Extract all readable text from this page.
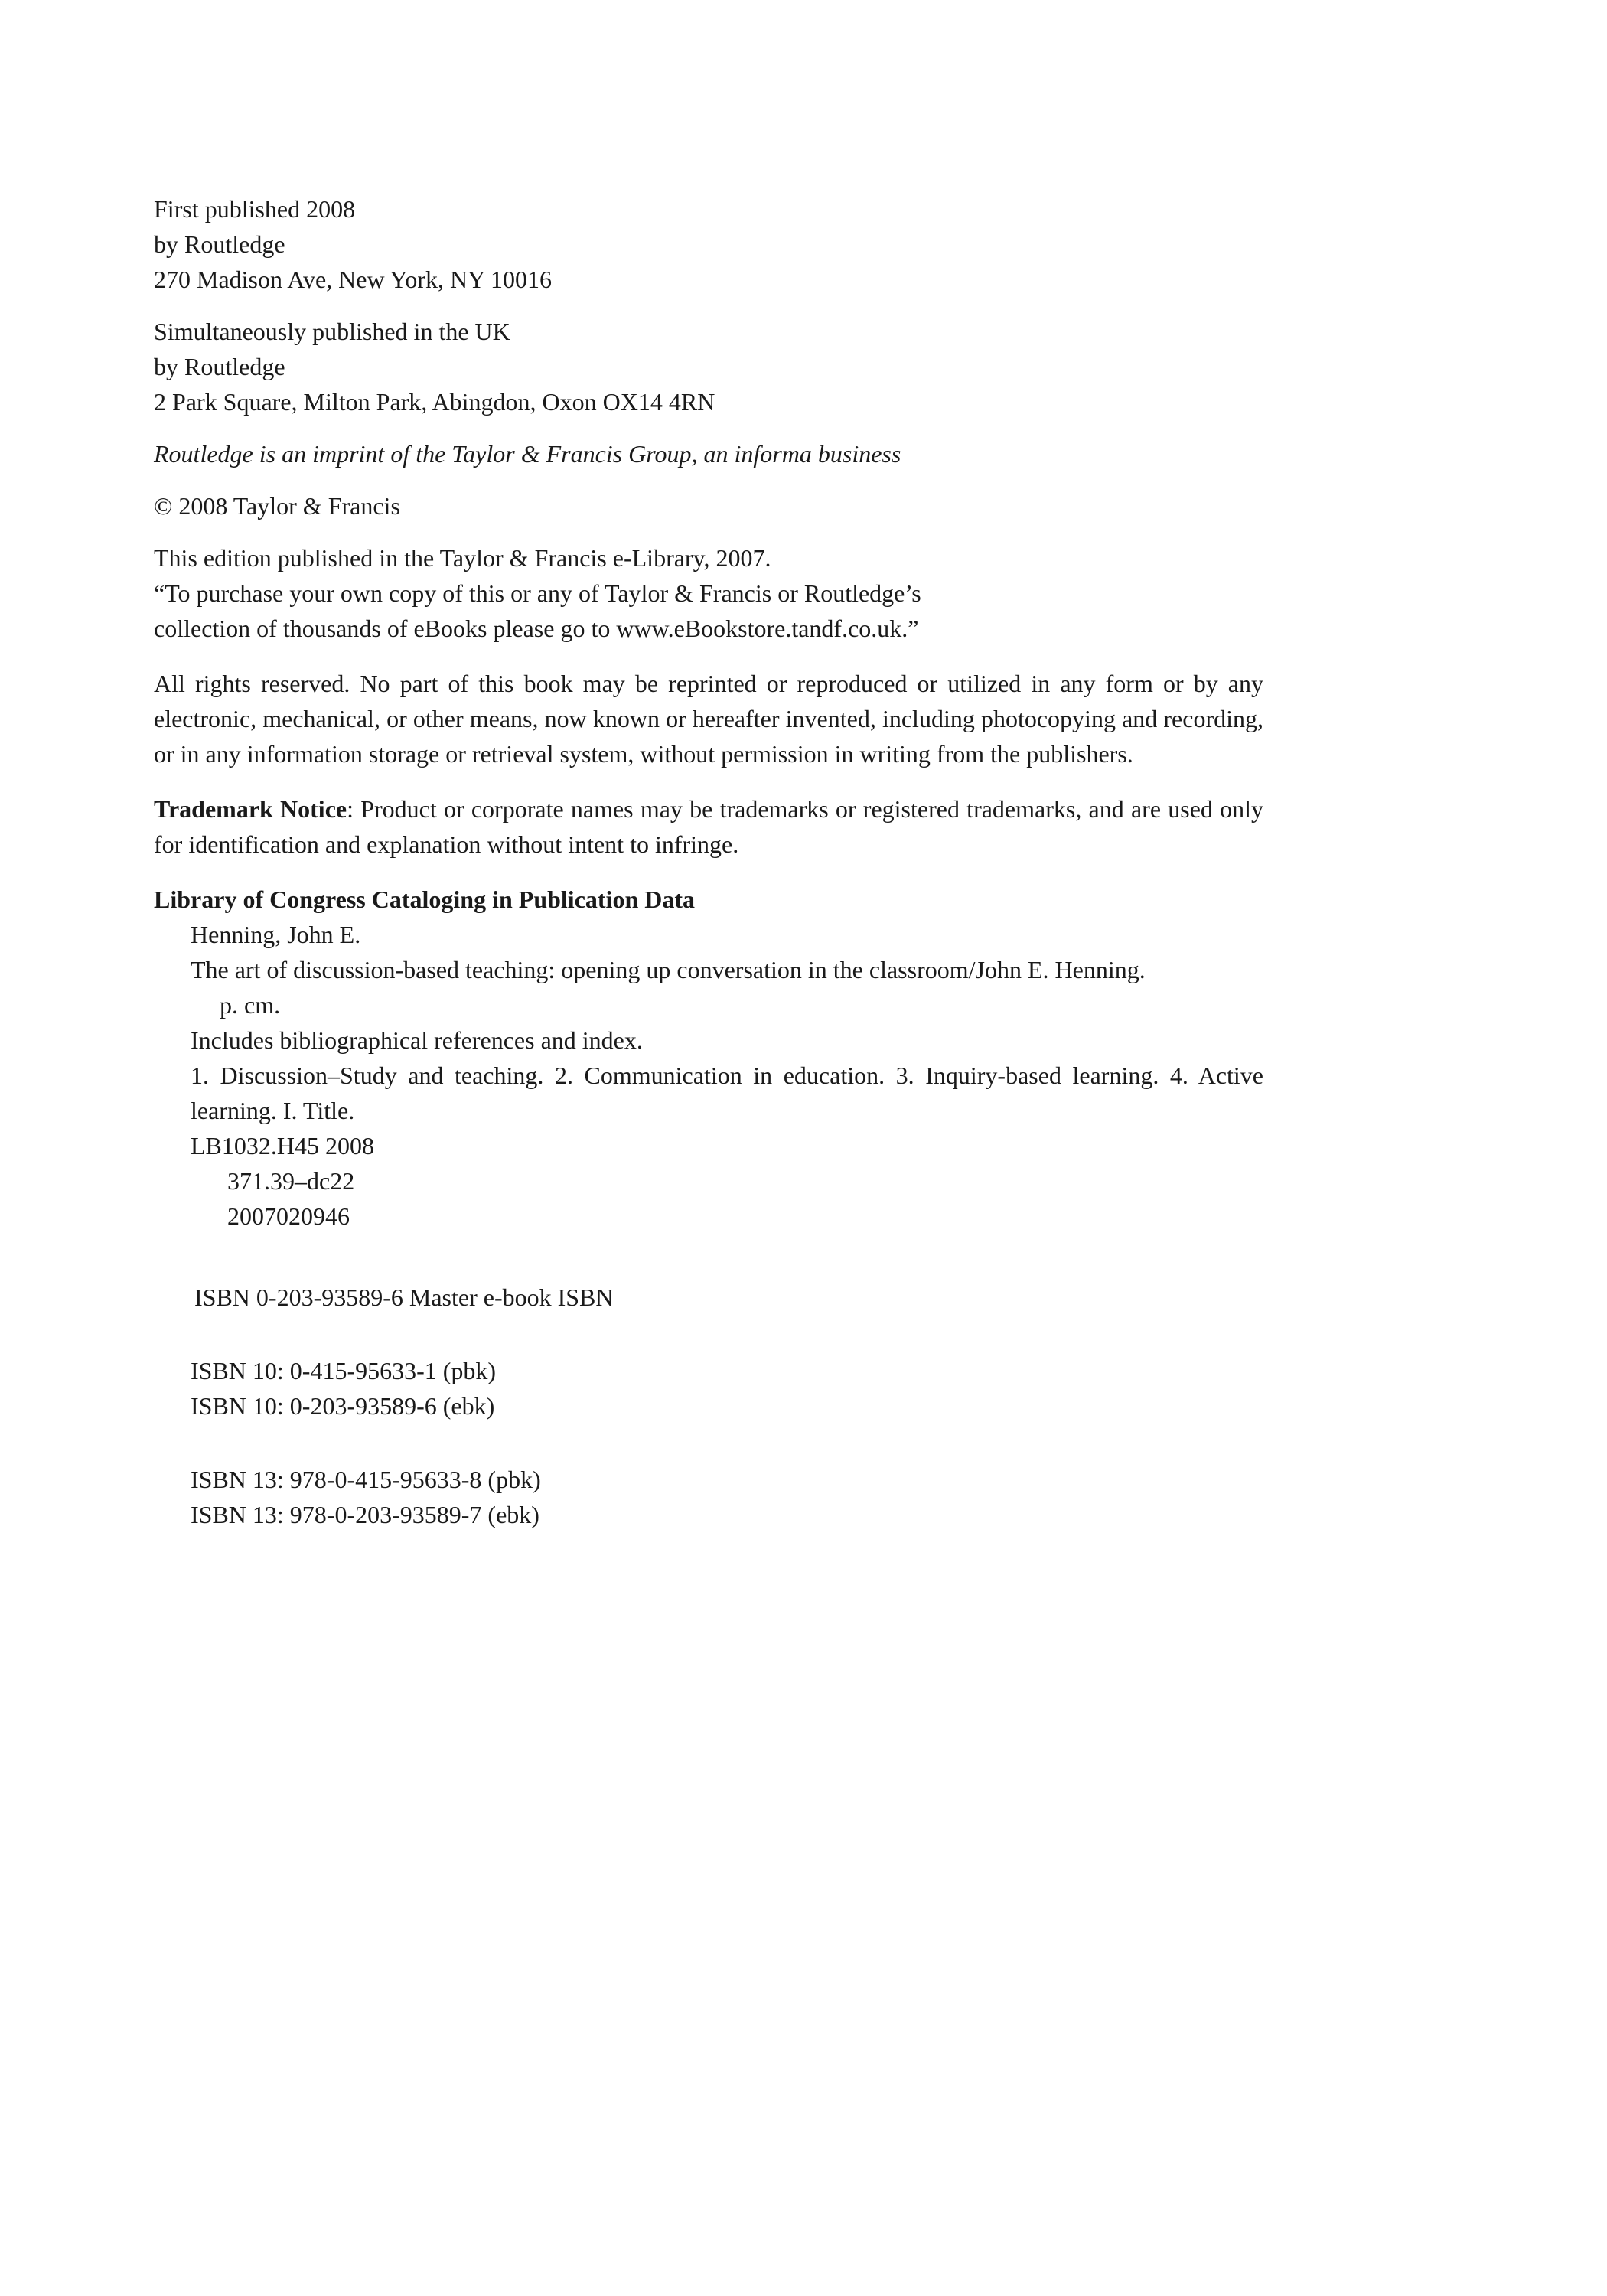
First published 2008
by Routledge
270 Madison Ave, New York, NY 10016
Simultaneously published in the UK
by Routledge
2 Park Square, Milton Park, Abingdon, Oxon OX14 4RN
Routledge is an imprint of the Taylor & Francis Group, an informa business
© 2008 Taylor & Francis
This edition published in the Taylor & Francis e-Library, 2007.
“To purchase your own copy of this or any of Taylor & Francis or Routledge’s
collection of thousands of eBooks please go to www.eBookstore.tandf.co.uk.”
All rights reserved. No part of this book may be reprinted or reproduced or utilized in any form or by any electronic, mechanical, or other means, now known or hereafter invented, including photocopying and recording, or in any information storage or retrieval system, without permission in writing from the publishers.
Trademark Notice: Product or corporate names may be trademarks or registered trademarks, and are used only for identification and explanation without intent to infringe.
Library of Congress Cataloging in Publication Data
Henning, John E.
The art of discussion-based teaching: opening up conversation in the classroom/John E. Henning.
p. cm.
Includes bibliographical references and index.
1. Discussion–Study and teaching. 2. Communication in education. 3. Inquiry-based learning. 4. Active learning. I. Title.
LB1032.H45 2008
371.39–dc22
2007020946
ISBN 0-203-93589-6 Master e-book ISBN
ISBN 10: 0-415-95633-1 (pbk)
ISBN 10: 0-203-93589-6 (ebk)
ISBN 13: 978-0-415-95633-8 (pbk)
ISBN 13: 978-0-203-93589-7 (ebk)
